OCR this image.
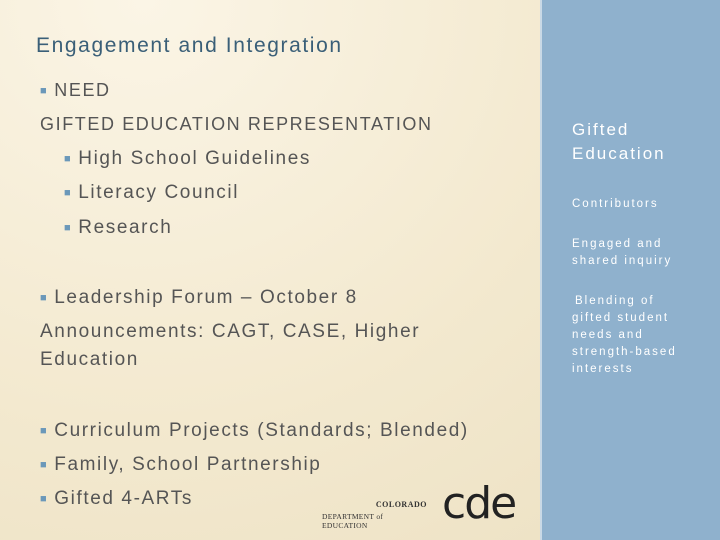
Engagement and Integration
■ NEED
GIFTED EDUCATION REPRESENTATION
■ High School Guidelines
■ Literacy Council
■ Research
■ Leadership Forum – October 8
Announcements: CAGT, CASE, Higher
Education
■ Curriculum Projects (Standards; Blended)
■ Family, School Partnership
■ Gifted 4-ARTs	COLORADO
DEPARTMENT of EDUCATION	cde
Gifted
Education
Contributors
Engaged and
shared inquiry
Blending of
gifted student
needs and
strength-based
interests
